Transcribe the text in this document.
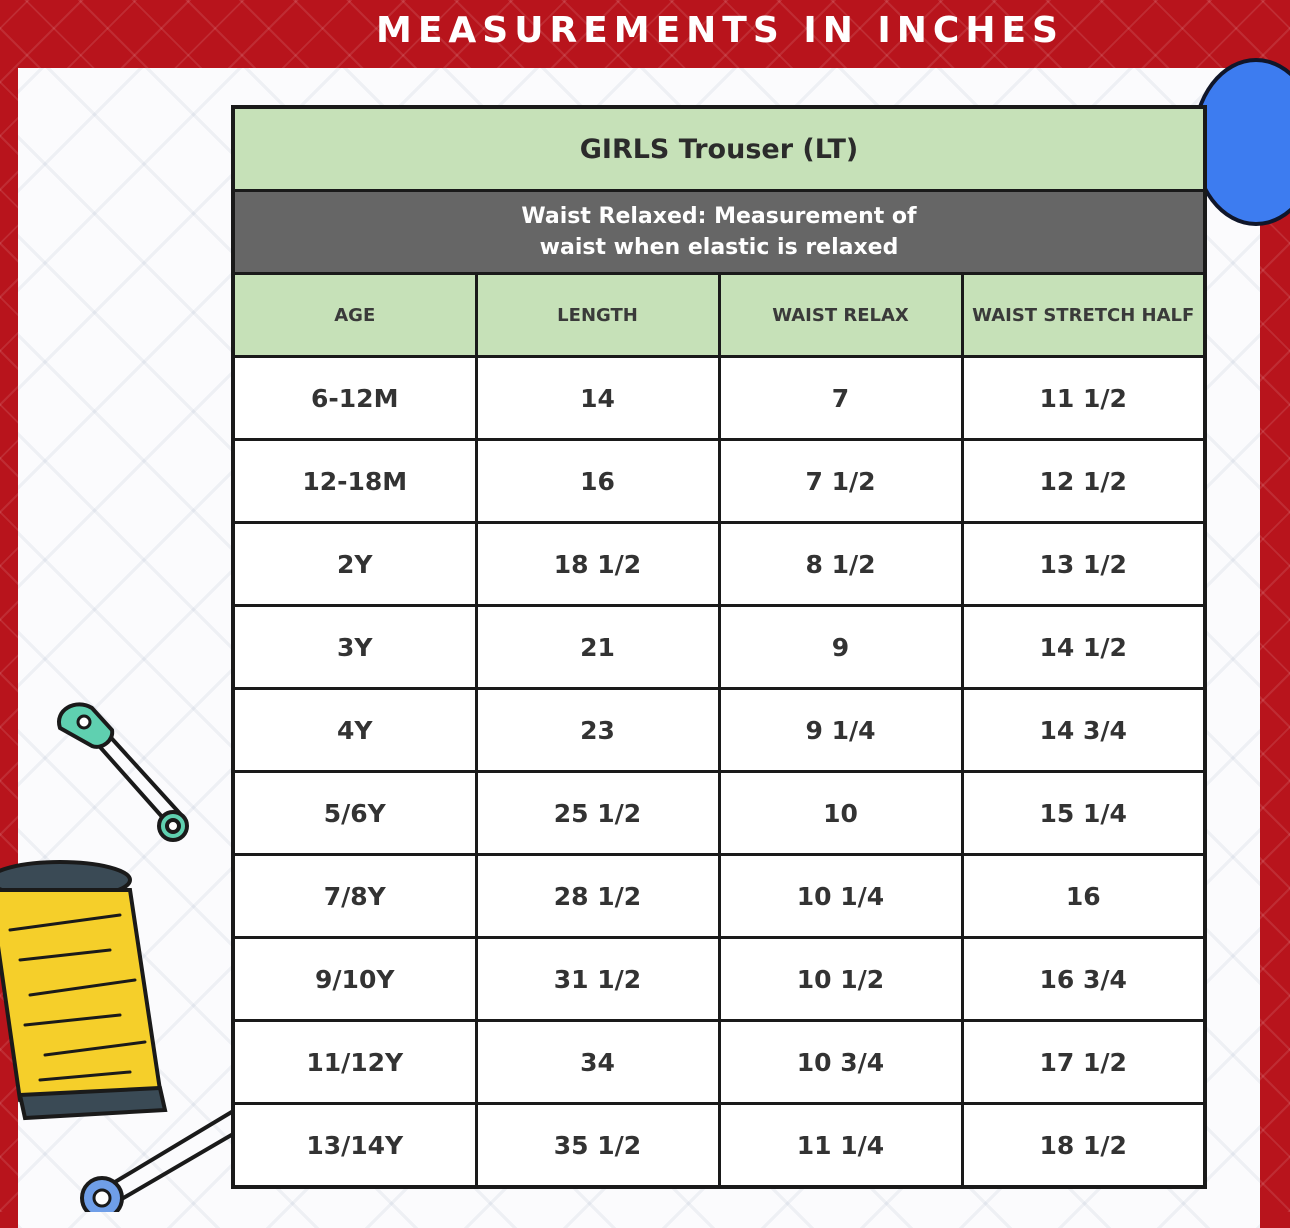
MEASUREMENTS IN INCHES
GIRLS Trouser (LT)			
Waist Relaxed: Measurement of waist when elastic is relaxed			
AGE	LENGTH	WAIST RELAX	WAIST STRETCH HALF
6-12M	14	7	11 1/2
12-18M	16	7 1/2	12 1/2
2Y	18 1/2	8 1/2	13 1/2
3Y	21	9	14 1/2
4Y	23	9 1/4	14 3/4
5/6Y	25 1/2	10	15 1/4
7/8Y	28 1/2	10 1/4	16
9/10Y	31 1/2	10 1/2	16 3/4
11/12Y	34	10 3/4	17 1/2
13/14Y	35 1/2	11 1/4	18 1/2
